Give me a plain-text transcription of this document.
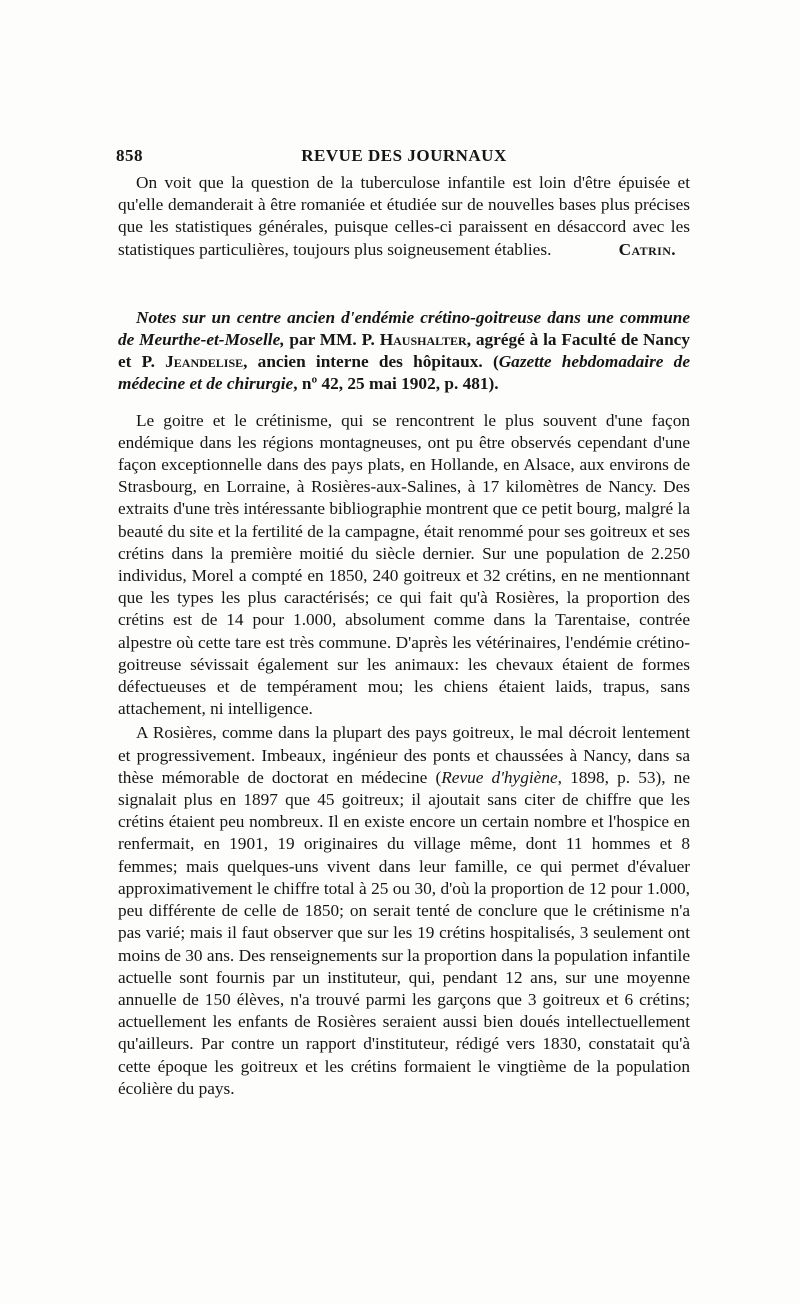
858	REVUE DES JOURNAUX

On voit que la question de la tuberculose infantile est loin d'être épuisée et qu'elle demanderait à être romaniée et étudiée sur de nouvelles bases plus précises que les statistiques générales, puisque celles-ci paraissent en désaccord avec les statistiques particulières, toujours plus soigneusement établies.	Catrin.

Notes sur un centre ancien d'endémie crétino-goitreuse dans une commune de Meurthe-et-Moselle, par MM. P. Haushalter, agrégé à la Faculté de Nancy et P. Jeandelise, ancien interne des hôpitaux. (Gazette hebdomadaire de médecine et de chirurgie, nº 42, 25 mai 1902, p. 481).

Le goitre et le crétinisme, qui se rencontrent le plus souvent d'une façon endémique dans les régions montagneuses, ont pu être observés cependant d'une façon exceptionnelle dans des pays plats, en Hollande, en Alsace, aux environs de Strasbourg, en Lorraine, à Rosières-aux-Salines, à 17 kilomètres de Nancy. Des extraits d'une très intéressante bibliographie montrent que ce petit bourg, malgré la beauté du site et la fertilité de la campagne, était renommé pour ses goitreux et ses crétins dans la première moitié du siècle dernier. Sur une population de 2.250 individus, Morel a compté en 1850, 240 goitreux et 32 crétins, en ne mentionnant que les types les plus caractérisés; ce qui fait qu'à Rosières, la proportion des crétins est de 14 pour 1.000, absolument comme dans la Tarentaise, contrée alpestre où cette tare est très commune. D'après les vétérinaires, l'endémie crétino-goitreuse sévissait également sur les animaux: les chevaux étaient de formes défectueuses et de tempérament mou; les chiens étaient laids, trapus, sans attachement, ni intelligence.

A Rosières, comme dans la plupart des pays goitreux, le mal décroit lentement et progressivement. Imbeaux, ingénieur des ponts et chaussées à Nancy, dans sa thèse mémorable de doctorat en médecine (Revue d'hygiène, 1898, p. 53), ne signalait plus en 1897 que 45 goitreux; il ajoutait sans citer de chiffre que les crétins étaient peu nombreux. Il en existe encore un certain nombre et l'hospice en renfermait, en 1901, 19 originaires du village même, dont 11 hommes et 8 femmes; mais quelques-uns vivent dans leur famille, ce qui permet d'évaluer approximativement le chiffre total à 25 ou 30, d'où la proportion de 12 pour 1.000, peu différente de celle de 1850; on serait tenté de conclure que le crétinisme n'a pas varié; mais il faut observer que sur les 19 crétins hospitalisés, 3 seulement ont moins de 30 ans. Des renseignements sur la proportion dans la population infantile actuelle sont fournis par un instituteur, qui, pendant 12 ans, sur une moyenne annuelle de 150 élèves, n'a trouvé parmi les garçons que 3 goitreux et 6 crétins; actuellement les enfants de Rosières seraient aussi bien doués intellectuellement qu'ailleurs. Par contre un rapport d'instituteur, rédigé vers 1830, constatait qu'à cette époque les goitreux et les crétins formaient le vingtième de la population écolière du pays.
